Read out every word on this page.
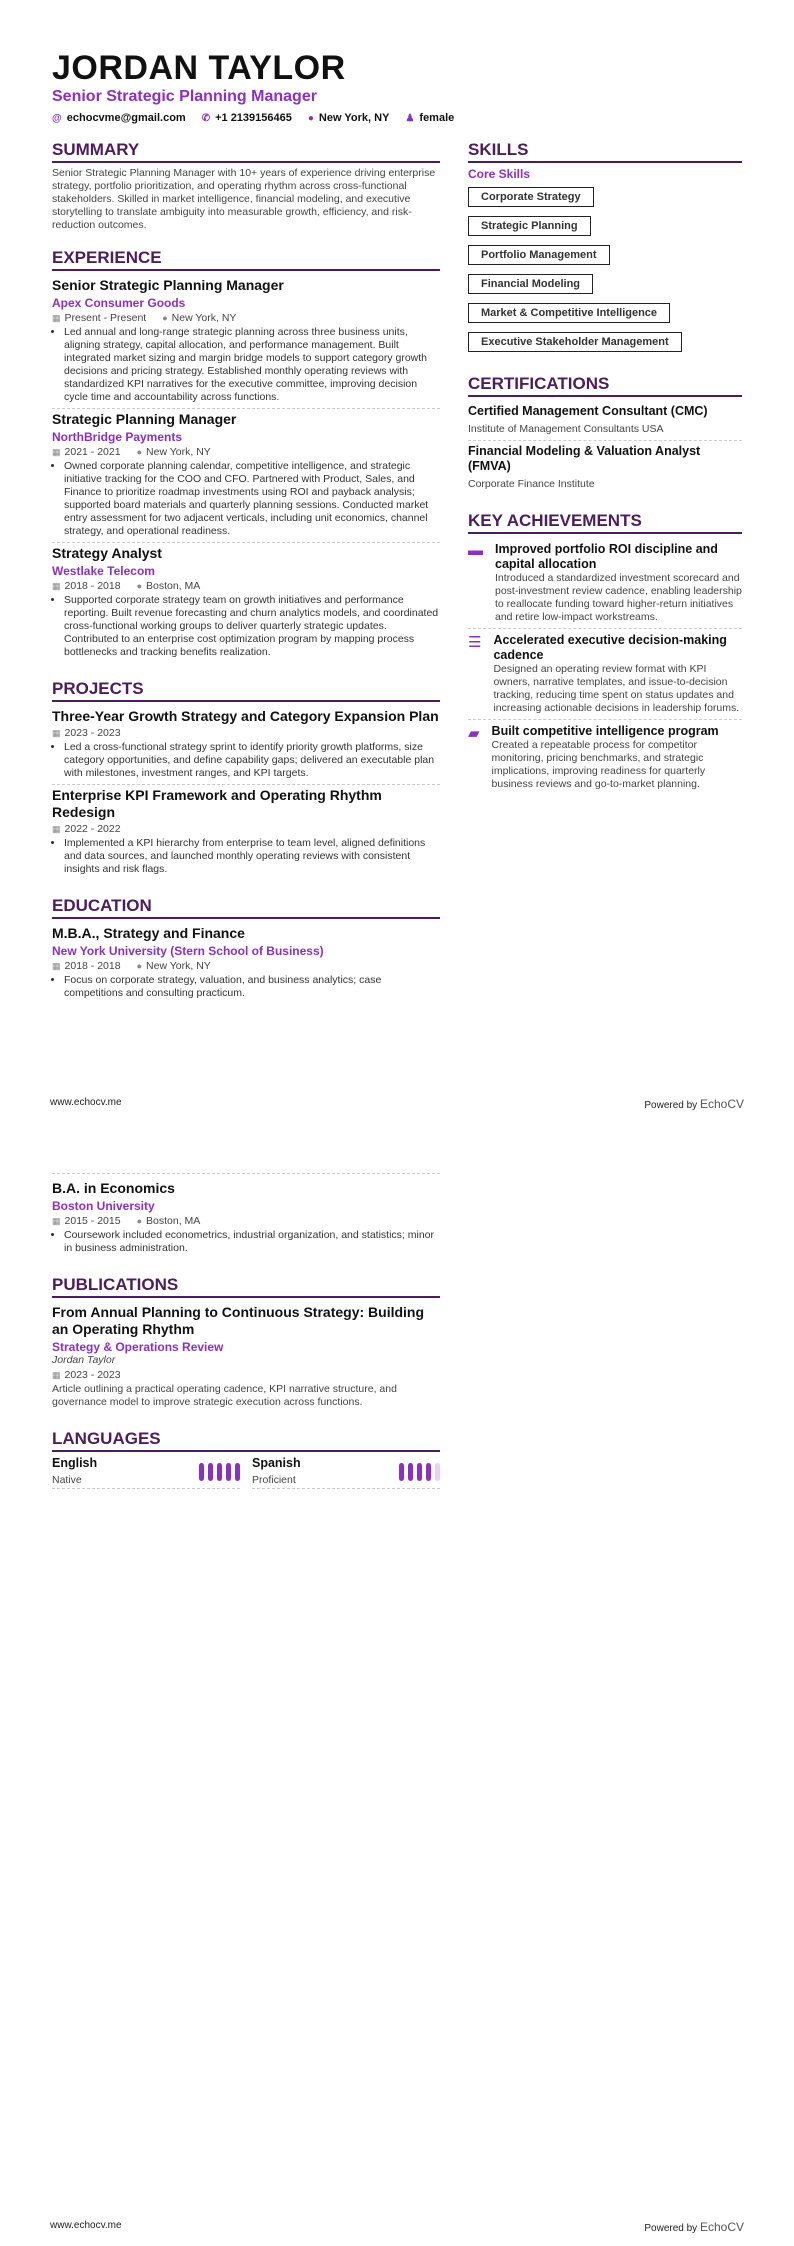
JORDAN TAYLOR
Senior Strategic Planning Manager
@ echocvme@gmail.com ✆ +1 2139156465 ● New York, NY ♟ female
SUMMARY

Senior Strategic Planning Manager with 10+ years of experience driving enterprise strategy, portfolio prioritization, and operating rhythm across cross-functional stakeholders. Skilled in market intelligence, financial modeling, and executive storytelling to translate ambiguity into measurable growth, efficiency, and risk-reduction outcomes.

EXPERIENCE
Senior Strategic Planning Manager
Apex Consumer Goods
▦ Present - Present ● New York, NY
• Led annual and long-range strategic planning across three business units, aligning strategy, capital allocation, and performance management. Built integrated market sizing and margin bridge models to support category growth decisions and pricing strategy. Established monthly operating reviews with standardized KPI narratives for the executive committee, improving decision cycle time and accountability across functions.
Strategic Planning Manager
NorthBridge Payments
▦ 2021 - 2021 ● New York, NY
• Owned corporate planning calendar, competitive intelligence, and strategic initiative tracking for the COO and CFO. Partnered with Product, Sales, and Finance to prioritize roadmap investments using ROI and payback analysis; supported board materials and quarterly planning sessions. Conducted market entry assessment for two adjacent verticals, including unit economics, channel strategy, and operational readiness.
Strategy Analyst
Westlake Telecom
▦ 2018 - 2018 ● Boston, MA
• Supported corporate strategy team on growth initiatives and performance reporting. Built revenue forecasting and churn analytics models, and coordinated cross-functional working groups to deliver quarterly strategic updates. Contributed to an enterprise cost optimization program by mapping process bottlenecks and tracking benefits realization.
PROJECTS
Three-Year Growth Strategy and Category Expansion Plan
▦ 2023 - 2023
• Led a cross-functional strategy sprint to identify priority growth platforms, size category opportunities, and define capability gaps; delivered an executable plan with milestones, investment ranges, and KPI targets.
Enterprise KPI Framework and Operating Rhythm Redesign
▦ 2022 - 2022
• Implemented a KPI hierarchy from enterprise to team level, aligned definitions and data sources, and launched monthly operating reviews with consistent insights and risk flags.
EDUCATION
M.B.A., Strategy and Finance
New York University (Stern School of Business)
▦ 2018 - 2018 ● New York, NY
• Focus on corporate strategy, valuation, and business analytics; case competitions and consulting practicum.
SKILLS
Core Skills
Corporate Strategy
Strategic Planning
Portfolio Management
Financial Modeling
Market & Competitive Intelligence
Executive Stakeholder Management
CERTIFICATIONS
Certified Management Consultant (CMC)
Institute of Management Consultants USA
Financial Modeling & Valuation Analyst (FMVA)
Corporate Finance Institute
KEY ACHIEVEMENTS
▬ Improved portfolio ROI discipline and capital allocation

Introduced a standardized investment scorecard and post-investment review cadence, enabling leadership to reallocate funding toward higher-return initiatives and retire low-impact workstreams.

☰ Accelerated executive decision-making cadence

Designed an operating review format with KPI owners, narrative templates, and issue-to-decision tracking, reducing time spent on status updates and increasing actionable decisions in leadership forums.

▰ Built competitive intelligence program

Created a repeatable process for competitor monitoring, pricing benchmarks, and strategic implications, improving readiness for quarterly business reviews and go-to-market planning.

www.echocv.me	Powered by EchoCV
B.A. in Economics
Boston University
▦ 2015 - 2015 ● Boston, MA
• Coursework included econometrics, industrial organization, and statistics; minor in business administration.
PUBLICATIONS
From Annual Planning to Continuous Strategy: Building an Operating Rhythm
Strategy & Operations Review
Jordan Taylor
▦ 2023 - 2023

Article outlining a practical operating cadence, KPI narrative structure, and governance model to improve strategic execution across functions.

LANGUAGES
English
Native
Spanish
Proficient
www.echocv.me	Powered by EchoCV
